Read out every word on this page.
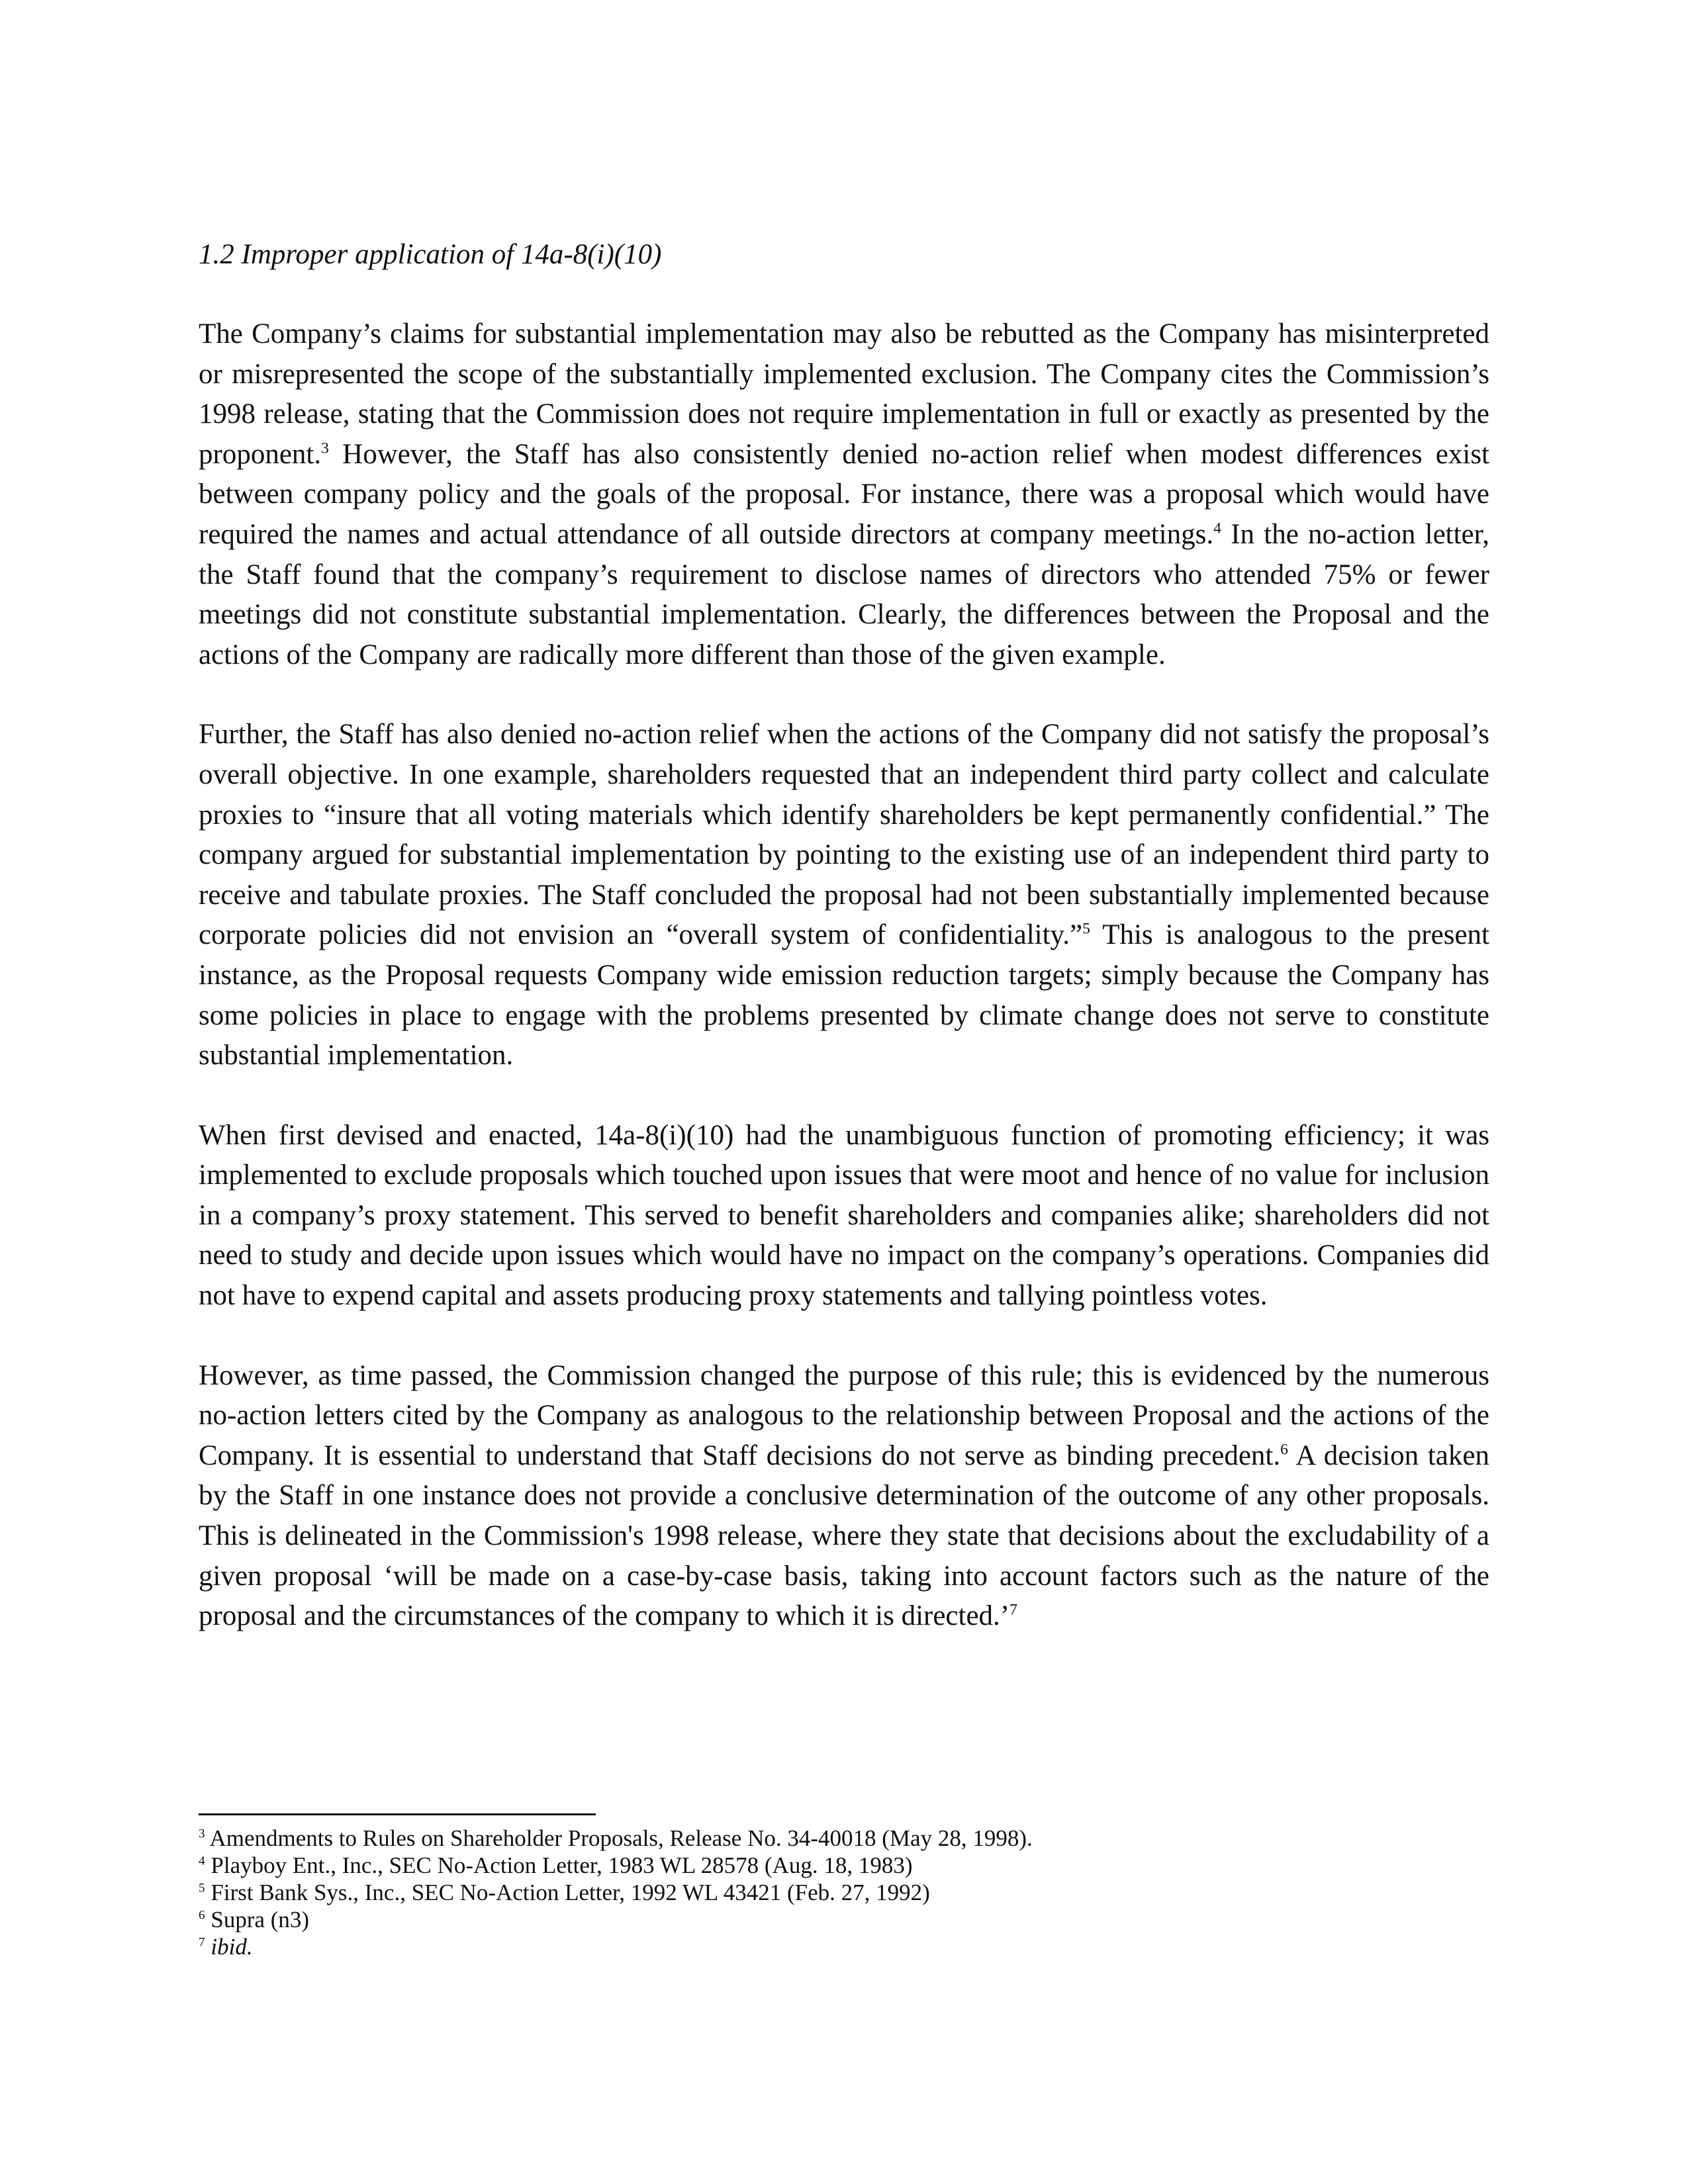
1.2 Improper application of 14a-8(i)(10)

The Company’s claims for substantial implementation may also be rebutted as the Company has misinterpreted or misrepresented the scope of the substantially implemented exclusion. The Company cites the Commission’s 1998 release, stating that the Commission does not require implementation in full or exactly as presented by the proponent.$^3$ However, the Staff has also consistently denied no-action relief when modest differences exist between company policy and the goals of the proposal. For instance, there was a proposal which would have required the names and actual attendance of all outside directors at company meetings.$^4$ In the no-action letter, the Staff found that the company’s requirement to disclose names of directors who attended 75% or fewer meetings did not constitute substantial implementation. Clearly, the differences between the Proposal and the actions of the Company are radically more different than those of the given example.

Further, the Staff has also denied no-action relief when the actions of the Company did not satisfy the proposal’s overall objective. In one example, shareholders requested that an independent third party collect and calculate proxies to “insure that all voting materials which identify shareholders be kept permanently confidential.” The company argued for substantial implementation by pointing to the existing use of an independent third party to receive and tabulate proxies. The Staff concluded the proposal had not been substantially implemented because corporate policies did not envision an “overall system of confidentiality.”$^5$ This is analogous to the present instance, as the Proposal requests Company wide emission reduction targets; simply because the Company has some policies in place to engage with the problems presented by climate change does not serve to constitute substantial implementation.

When first devised and enacted, 14a-8(i)(10) had the unambiguous function of promoting efficiency; it was implemented to exclude proposals which touched upon issues that were moot and hence of no value for inclusion in a company’s proxy statement. This served to benefit shareholders and companies alike; shareholders did not need to study and decide upon issues which would have no impact on the company’s operations. Companies did not have to expend capital and assets producing proxy statements and tallying pointless votes.

However, as time passed, the Commission changed the purpose of this rule; this is evidenced by the numerous no-action letters cited by the Company as analogous to the relationship between Proposal and the actions of the Company. It is essential to understand that Staff decisions do not serve as binding precedent.$^6$ A decision taken by the Staff in one instance does not provide a conclusive determination of the outcome of any other proposals. This is delineated in the Commission's 1998 release, where they state that decisions about the excludability of a given proposal ‘will be made on a case-by-case basis, taking into account factors such as the nature of the proposal and the circumstances of the company to which it is directed.’$^7$

$^3$ Amendments to Rules on Shareholder Proposals, Release No. 34-40018 (May 28, 1998).

$^4$ Playboy Ent., Inc., SEC No-Action Letter, 1983 WL 28578 (Aug. 18, 1983)

$^5$ First Bank Sys., Inc., SEC No-Action Letter, 1992 WL 43421 (Feb. 27, 1992)

$^6$ Supra (n3)

$^7$ ibid.
